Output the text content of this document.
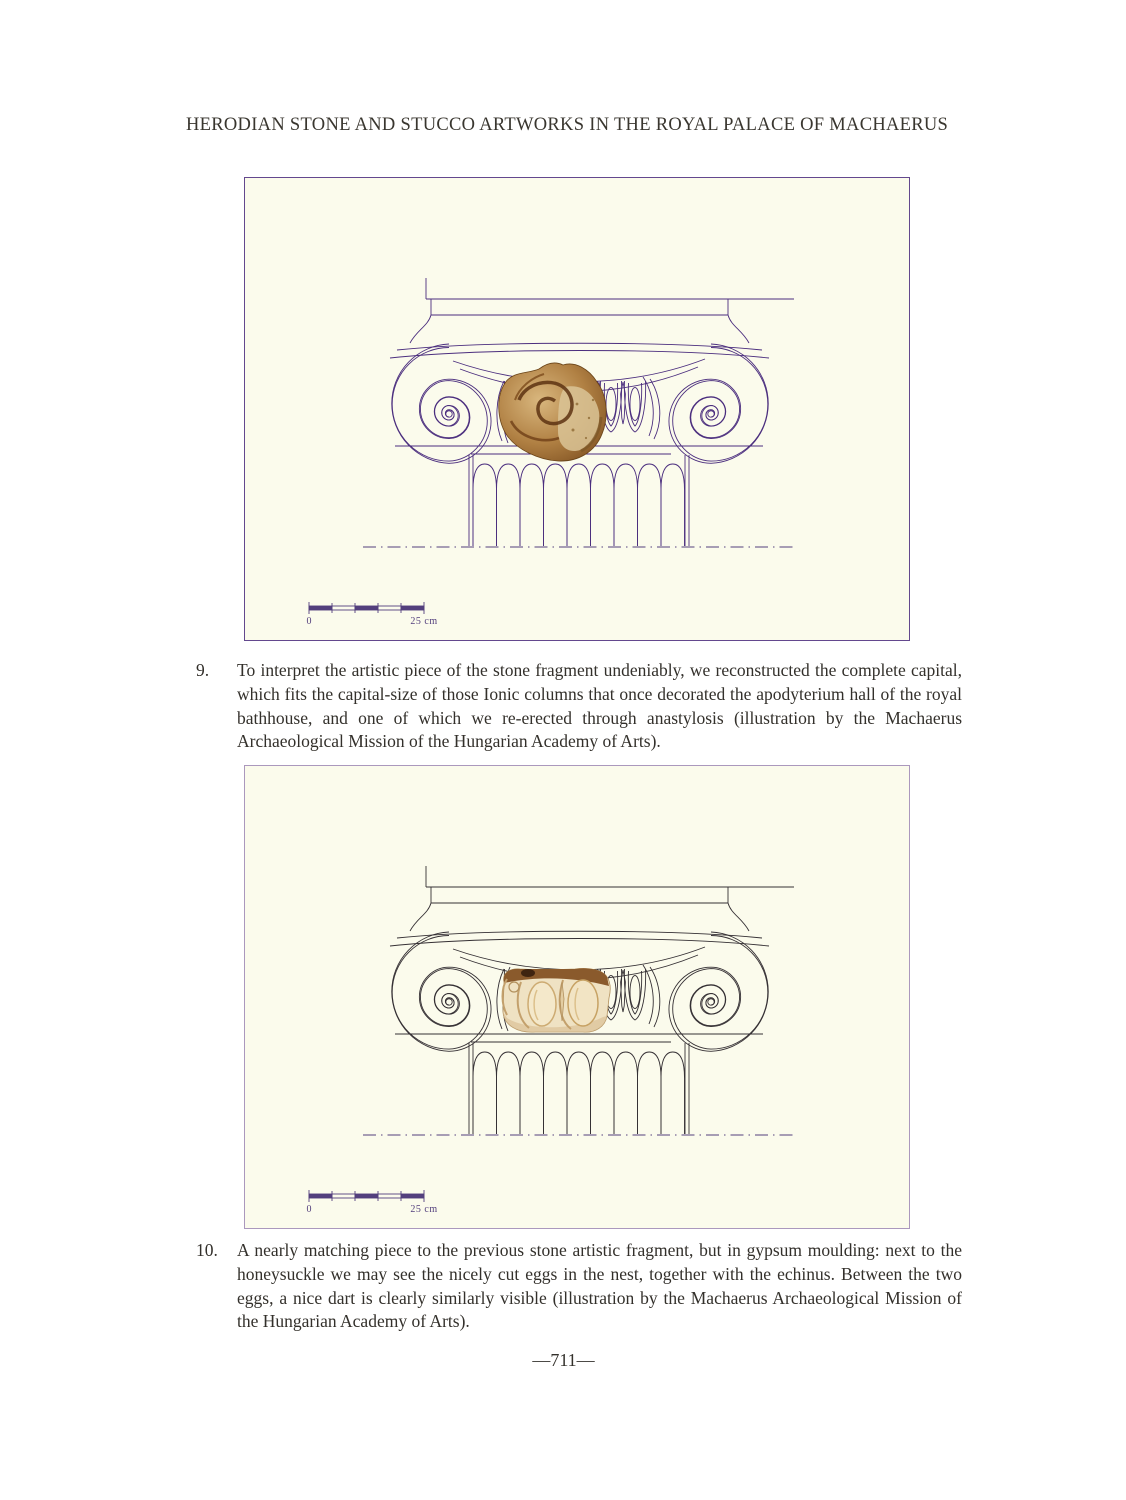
HERODIAN STONE AND STUCCO ARTWORKS IN THE ROYAL PALACE OF MACHAERUS
0	25 cm
9.	To interpret the artistic piece of the stone fragment undeniably, we reconstructed the complete capital, which fits the capital-size of those Ionic columns that once decorated the apodyterium hall of the royal bathhouse, and one of which we re-erected through anastylosis (illustration by the Machaerus Archaeological Mission of the Hungarian Academy of Arts).

0	25 cm
10.	A nearly matching piece to the previous stone artistic fragment, but in gypsum moulding: next to the honeysuckle we may see the nicely cut eggs in the nest, together with the echinus. Between the two eggs, a nice dart is clearly similarly visible (illustration by the Machaerus Archaeological Mission of the Hungarian Academy of Arts).

—711—
